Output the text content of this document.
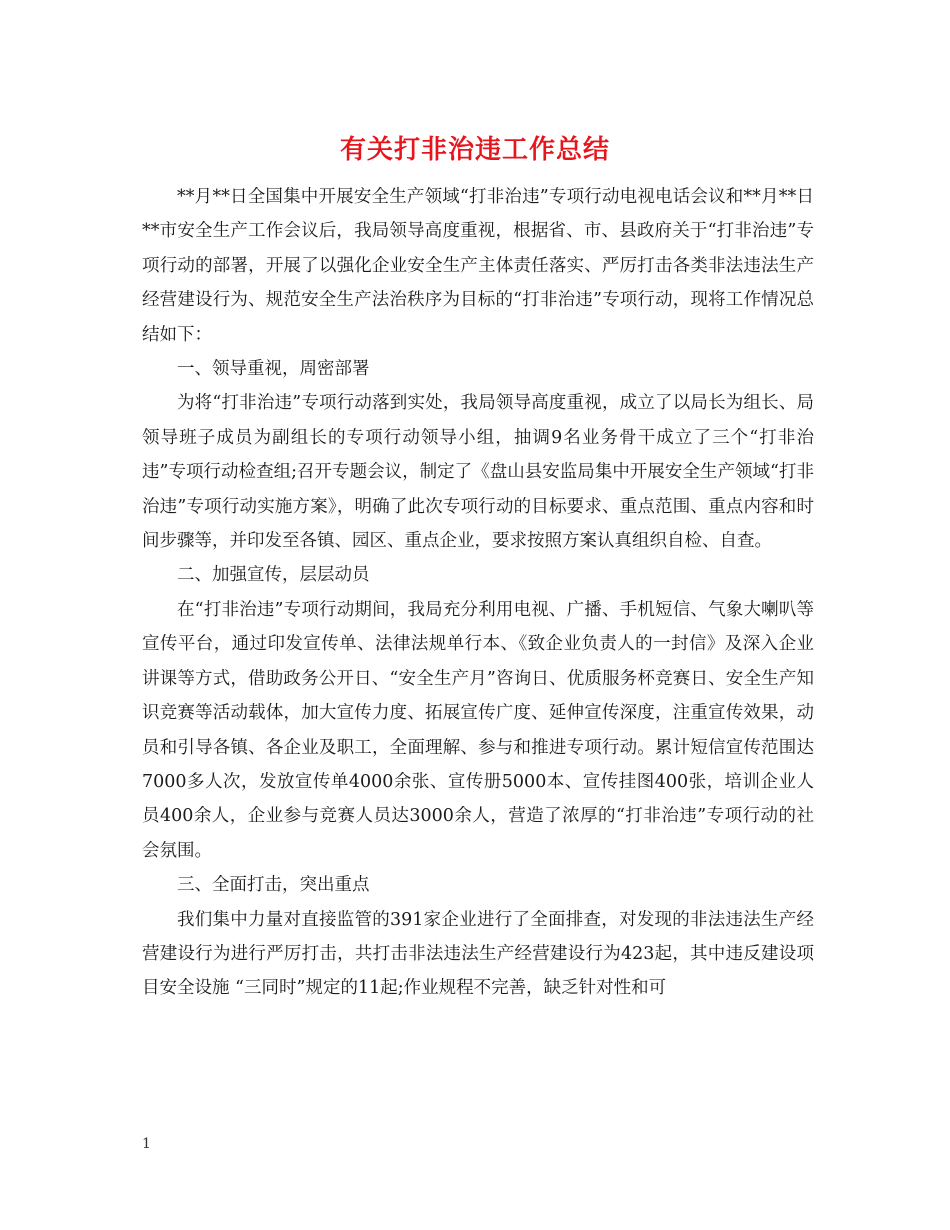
有关打非治违工作总结

**月**日全国集中开展安全生产领域“打非治违”专项行动电视电话会议和**月**日**市安全生产工作会议后，我局领导高度重视，根据省、市、县政府关于“打非治违”专项行动的部署，开展了以强化企业安全生产主体责任落实、严厉打击各类非法违法生产经营建设行为、规范安全生产法治秩序为目标的“打非治违”专项行动，现将工作情况总结如下：

一、领导重视，周密部署

为将“打非治违”专项行动落到实处，我局领导高度重视，成立了以局长为组长、局领导班子成员为副组长的专项行动领导小组，抽调9名业务骨干成立了三个“打非治违”专项行动检查组;召开专题会议，制定了《盘山县安监局集中开展安全生产领域“打非治违”专项行动实施方案》，明确了此次专项行动的目标要求、重点范围、重点内容和时间步骤等，并印发至各镇、园区、重点企业，要求按照方案认真组织自检、自查。

二、加强宣传，层层动员

在“打非治违”专项行动期间，我局充分利用电视、广播、手机短信、气象大喇叭等宣传平台，通过印发宣传单、法律法规单行本、《致企业负责人的一封信》及深入企业讲课等方式，借助政务公开日、“安全生产月”咨询日、优质服务杯竞赛日、安全生产知识竞赛等活动载体，加大宣传力度、拓展宣传广度、延伸宣传深度，注重宣传效果，动员和引导各镇、各企业及职工，全面理解、参与和推进专项行动。累计短信宣传范围达7000多人次，发放宣传单4000余张、宣传册5000本、宣传挂图400张，培训企业人员400余人，企业参与竞赛人员达3000余人，营造了浓厚的“打非治违”专项行动的社会氛围。

三、全面打击，突出重点

我们集中力量对直接监管的391家企业进行了全面排查，对发现的非法违法生产经营建设行为进行严厉打击，共打击非法违法生产经营建设行为423起，其中违反建设项目安全设施 “三同时”规定的11起;作业规程不完善，缺乏针对性和可

1
